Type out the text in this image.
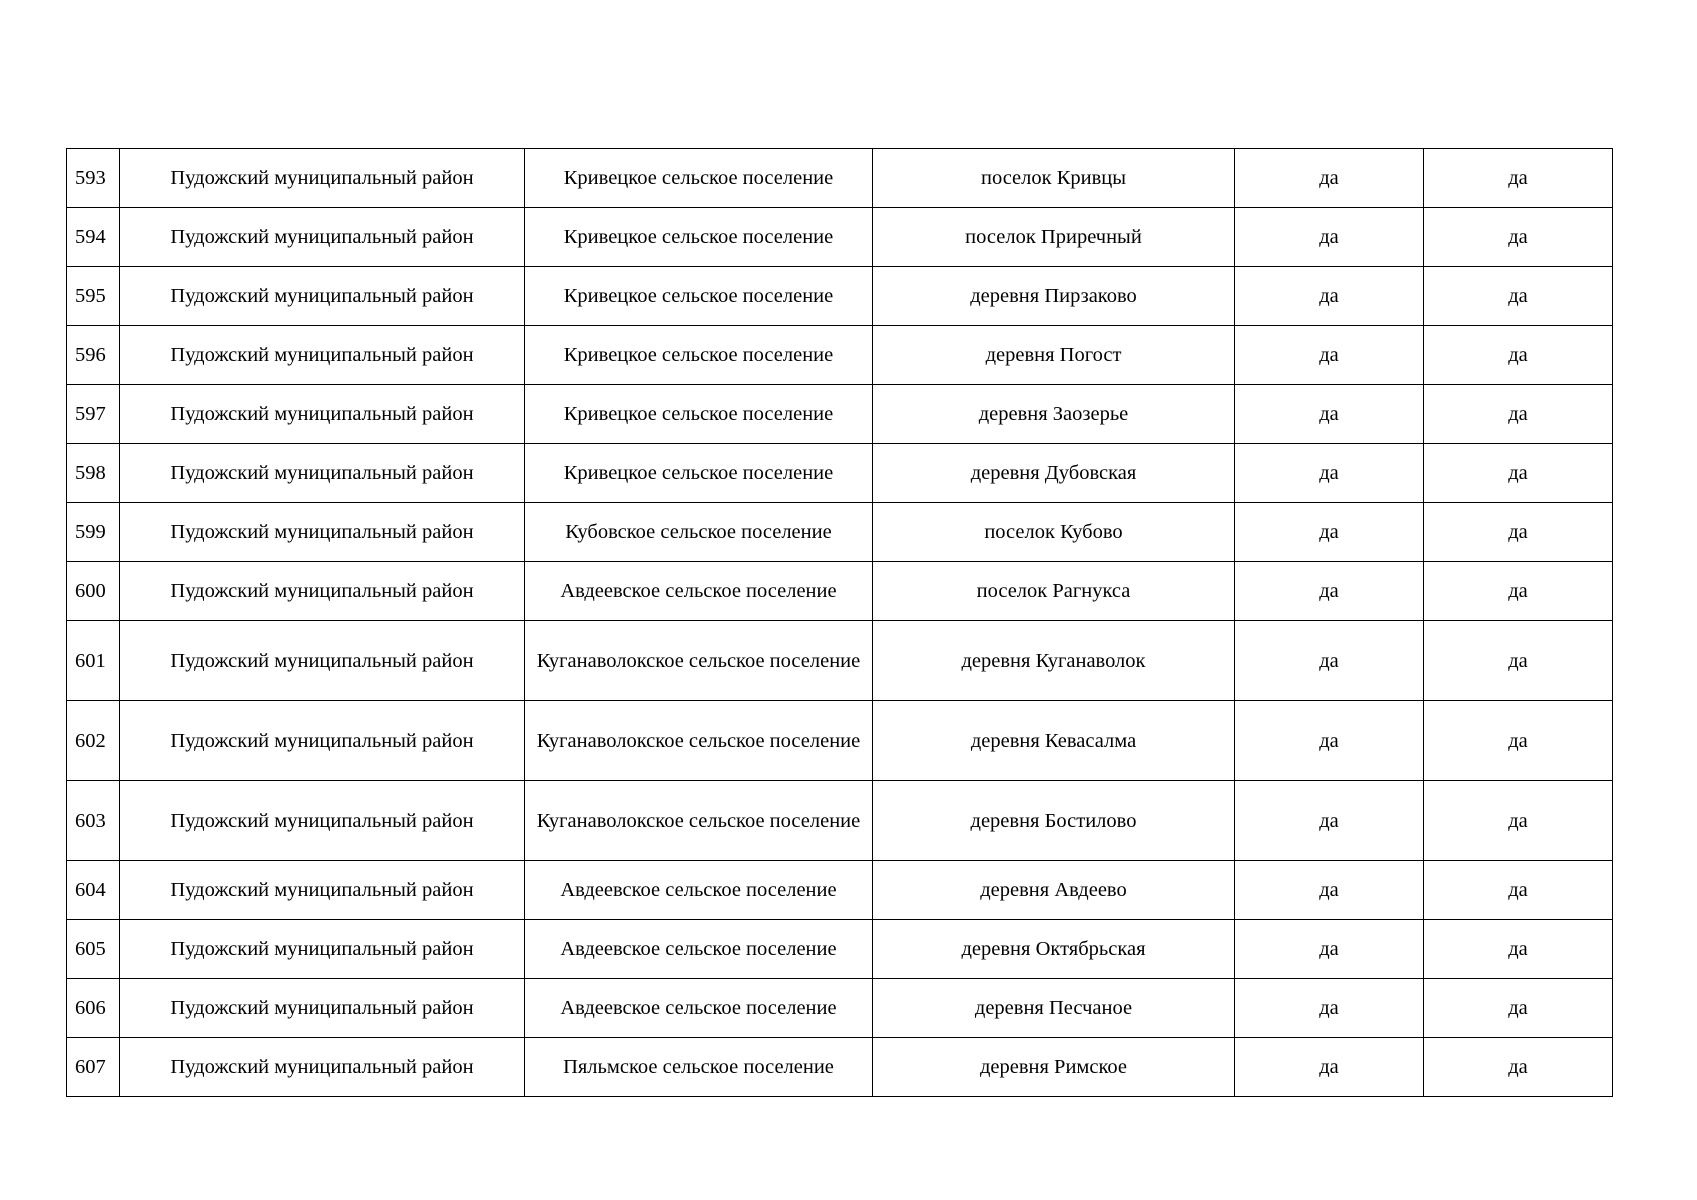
593	Пудожский муниципальный район	Кривецкое сельское поселение	поселок Кривцы	да	да
594	Пудожский муниципальный район	Кривецкое сельское поселение	поселок Приречный	да	да
595	Пудожский муниципальный район	Кривецкое сельское поселение	деревня Пирзаково	да	да
596	Пудожский муниципальный район	Кривецкое сельское поселение	деревня Погост	да	да
597	Пудожский муниципальный район	Кривецкое сельское поселение	деревня Заозерье	да	да
598	Пудожский муниципальный район	Кривецкое сельское поселение	деревня Дубовская	да	да
599	Пудожский муниципальный район	Кубовское сельское поселение	поселок Кубово	да	да
600	Пудожский муниципальный район	Авдеевское сельское поселение	поселок Рагнукса	да	да
601	Пудожский муниципальный район	Куганаволокское сельское поселение	деревня Куганаволок	да	да
602	Пудожский муниципальный район	Куганаволокское сельское поселение	деревня Кевасалма	да	да
603	Пудожский муниципальный район	Куганаволокское сельское поселение	деревня Бостилово	да	да
604	Пудожский муниципальный район	Авдеевское сельское поселение	деревня Авдеево	да	да
605	Пудожский муниципальный район	Авдеевское сельское поселение	деревня Октябрьская	да	да
606	Пудожский муниципальный район	Авдеевское сельское поселение	деревня Песчаное	да	да
607	Пудожский муниципальный район	Пяльмское сельское поселение	деревня Римское	да	да
